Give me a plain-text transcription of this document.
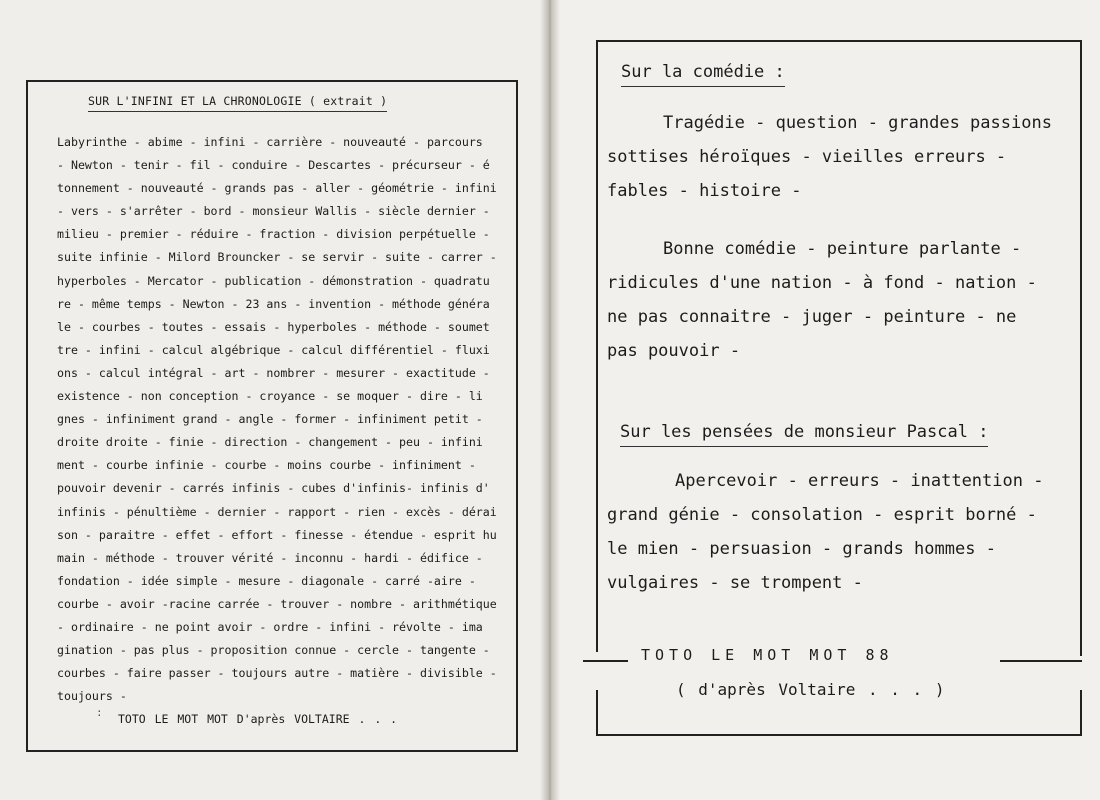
SUR L'INFINI ET LA CHRONOLOGIE ( extrait )
Labyrinthe - abime - infini - carrière - nouveauté - parcours
- Newton - tenir - fil - conduire - Descartes - précurseur - é
tonnement - nouveauté - grands pas - aller - géométrie - infini
- vers - s'arrêter - bord - monsieur Wallis - siècle dernier -
milieu - premier - réduire - fraction - division perpétuelle -
suite infinie - Milord Brouncker - se servir - suite - carrer -
hyperboles - Mercator - publication - démonstration - quadratu
re - même temps - Newton - 23 ans - invention - méthode généra
le - courbes - toutes - essais - hyperboles - méthode - soumet
tre - infini - calcul algébrique - calcul différentiel - fluxi
ons - calcul intégral - art - nombrer - mesurer - exactitude -
existence - non conception - croyance - se moquer - dire - li
gnes - infiniment grand - angle - former - infiniment petit -
droite droite - finie - direction - changement - peu - infini
ment - courbe infinie - courbe - moins courbe - infiniment -
pouvoir devenir - carrés infinis - cubes d'infinis- infinis d'
infinis - pénultième - dernier - rapport - rien - excès - dérai
son - paraitre - effet - effort - finesse - étendue - esprit hu
main - méthode - trouver vérité - inconnu - hardi - édifice -
fondation - idée simple - mesure - diagonale - carré -aire -
courbe - avoir -racine carrée - trouver - nombre - arithmétique
- ordinaire - ne point avoir - ordre - infini - révolte - ima
gination - pas plus - proposition connue - cercle - tangente -
courbes - faire passer - toujours autre - matière - divisible -
toujours -
: TOTO LE MOT MOT D'après VOLTAIRE . . .
Sur la comédie :
Tragédie - question - grandes passions
sottises héroïques - vieilles erreurs -
fables - histoire -
Bonne comédie - peinture parlante -
ridicules d'une nation - à fond - nation -
ne pas connaitre - juger - peinture - ne
pas pouvoir -
Sur les pensées de monsieur Pascal :
Apercevoir - erreurs - inattention -
grand génie - consolation - esprit borné -
le mien - persuasion - grands hommes -
vulgaires - se trompent -
TOTO LE MOT MOT 88
( d'après Voltaire . . . )
